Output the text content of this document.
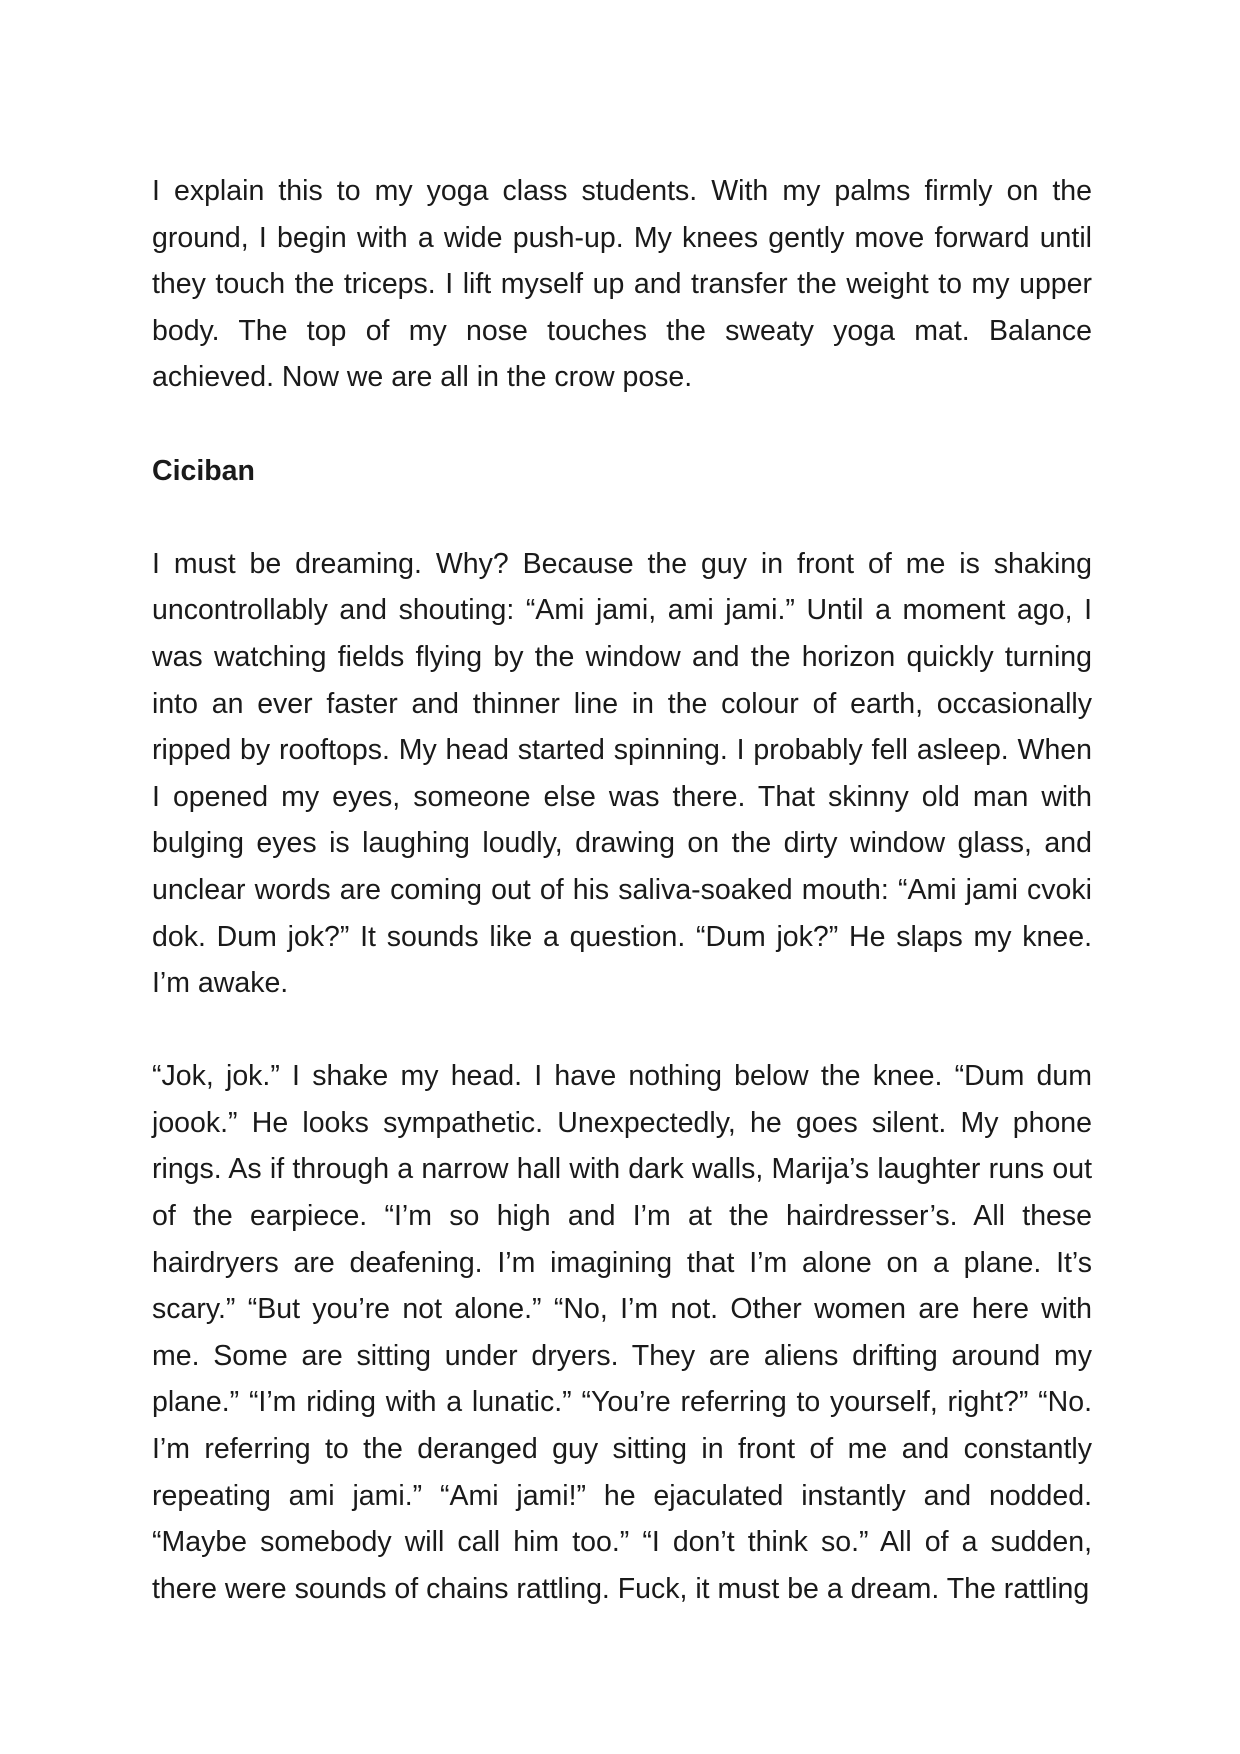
I explain this to my yoga class students. With my palms firmly on the ground, I begin with a wide push-up. My knees gently move forward until they touch the triceps. I lift myself up and transfer the weight to my upper body. The top of my nose touches the sweaty yoga mat. Balance achieved. Now we are all in the crow pose.

Ciciban

I must be dreaming. Why? Because the guy in front of me is shaking uncontrollably and shouting: “Ami jami, ami jami.” Until a moment ago, I was watching fields flying by the window and the horizon quickly turning into an ever faster and thinner line in the colour of earth, occasionally ripped by rooftops. My head started spinning. I probably fell asleep. When I opened my eyes, someone else was there. That skinny old man with bulging eyes is laughing loudly, drawing on the dirty window glass, and unclear words are coming out of his saliva-soaked mouth: “Ami jami cvoki dok. Dum jok?” It sounds like a question. “Dum jok?” He slaps my knee. I’m awake.

“Jok, jok.” I shake my head. I have nothing below the knee. “Dum dum joook.” He looks sympathetic. Unexpectedly, he goes silent. My phone rings. As if through a narrow hall with dark walls, Marija’s laughter runs out of the earpiece. “I’m so high and I’m at the hairdresser’s. All these hairdryers are deafening. I’m imagining that I’m alone on a plane. It’s scary.” “But you’re not alone.” “No, I’m not. Other women are here with me. Some are sitting under dryers. They are aliens drifting around my plane.” “I’m riding with a lunatic.” “You’re referring to yourself, right?” “No. I’m referring to the deranged guy sitting in front of me and constantly repeating ami jami.” “Ami jami!” he ejaculated instantly and nodded. “Maybe somebody will call him too.” “I don’t think so.” All of a sudden, there were sounds of chains rattling. Fuck, it must be a dream. The rattling
